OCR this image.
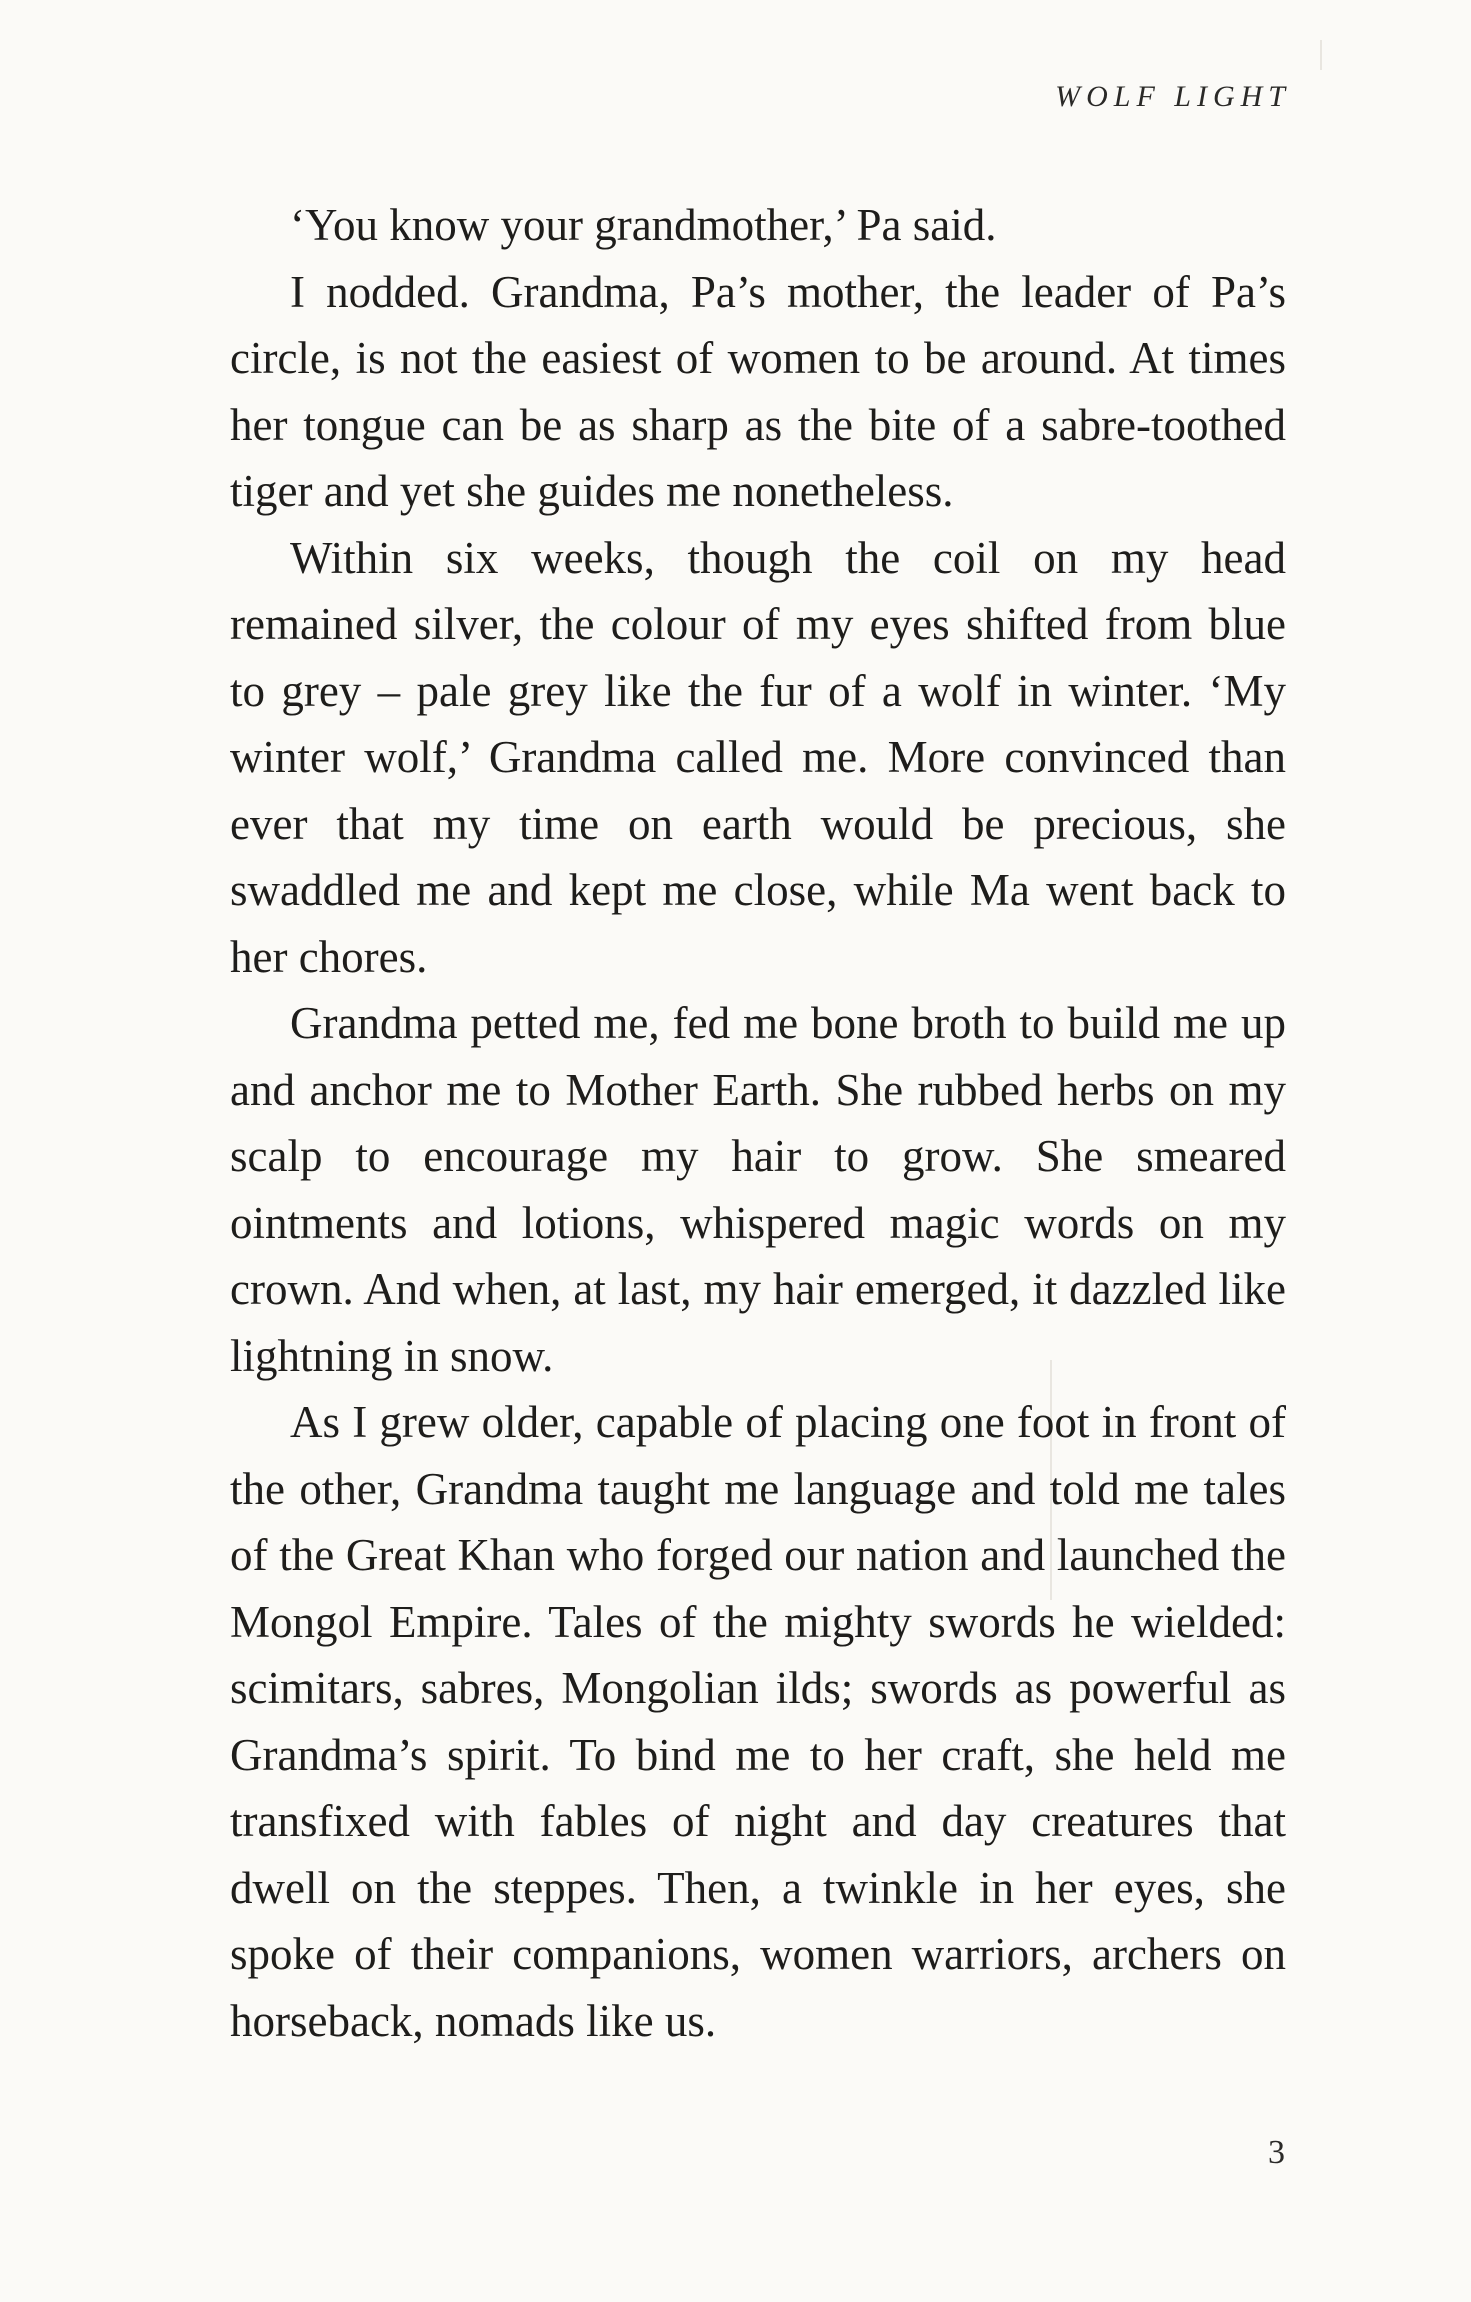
WOLF LIGHT

‘You know your grandmother,’ Pa said.

I nodded. Grandma, Pa’s mother, the leader of Pa’s circle, is not the easiest of women to be around. At times her tongue can be as sharp as the bite of a sabre-toothed tiger and yet she guides me nonetheless.

Within six weeks, though the coil on my head remained silver, the colour of my eyes shifted from blue to grey – pale grey like the fur of a wolf in winter. ‘My winter wolf,’ Grandma called me. More convinced than ever that my time on earth would be precious, she swaddled me and kept me close, while Ma went back to her chores.

Grandma petted me, fed me bone broth to build me up and anchor me to Mother Earth. She rubbed herbs on my scalp to encourage my hair to grow. She smeared ointments and lotions, whispered magic words on my crown. And when, at last, my hair emerged, it dazzled like lightning in snow.

As I grew older, capable of placing one foot in front of the other, Grandma taught me language and told me tales of the Great Khan who forged our nation and launched the Mongol Empire. Tales of the mighty swords he wielded: scimitars, sabres, Mongolian ilds; swords as powerful as Grandma’s spirit. To bind me to her craft, she held me transfixed with fables of night and day creatures that dwell on the steppes. Then, a twinkle in her eyes, she spoke of their companions, women warriors, archers on horseback, nomads like us.

3
